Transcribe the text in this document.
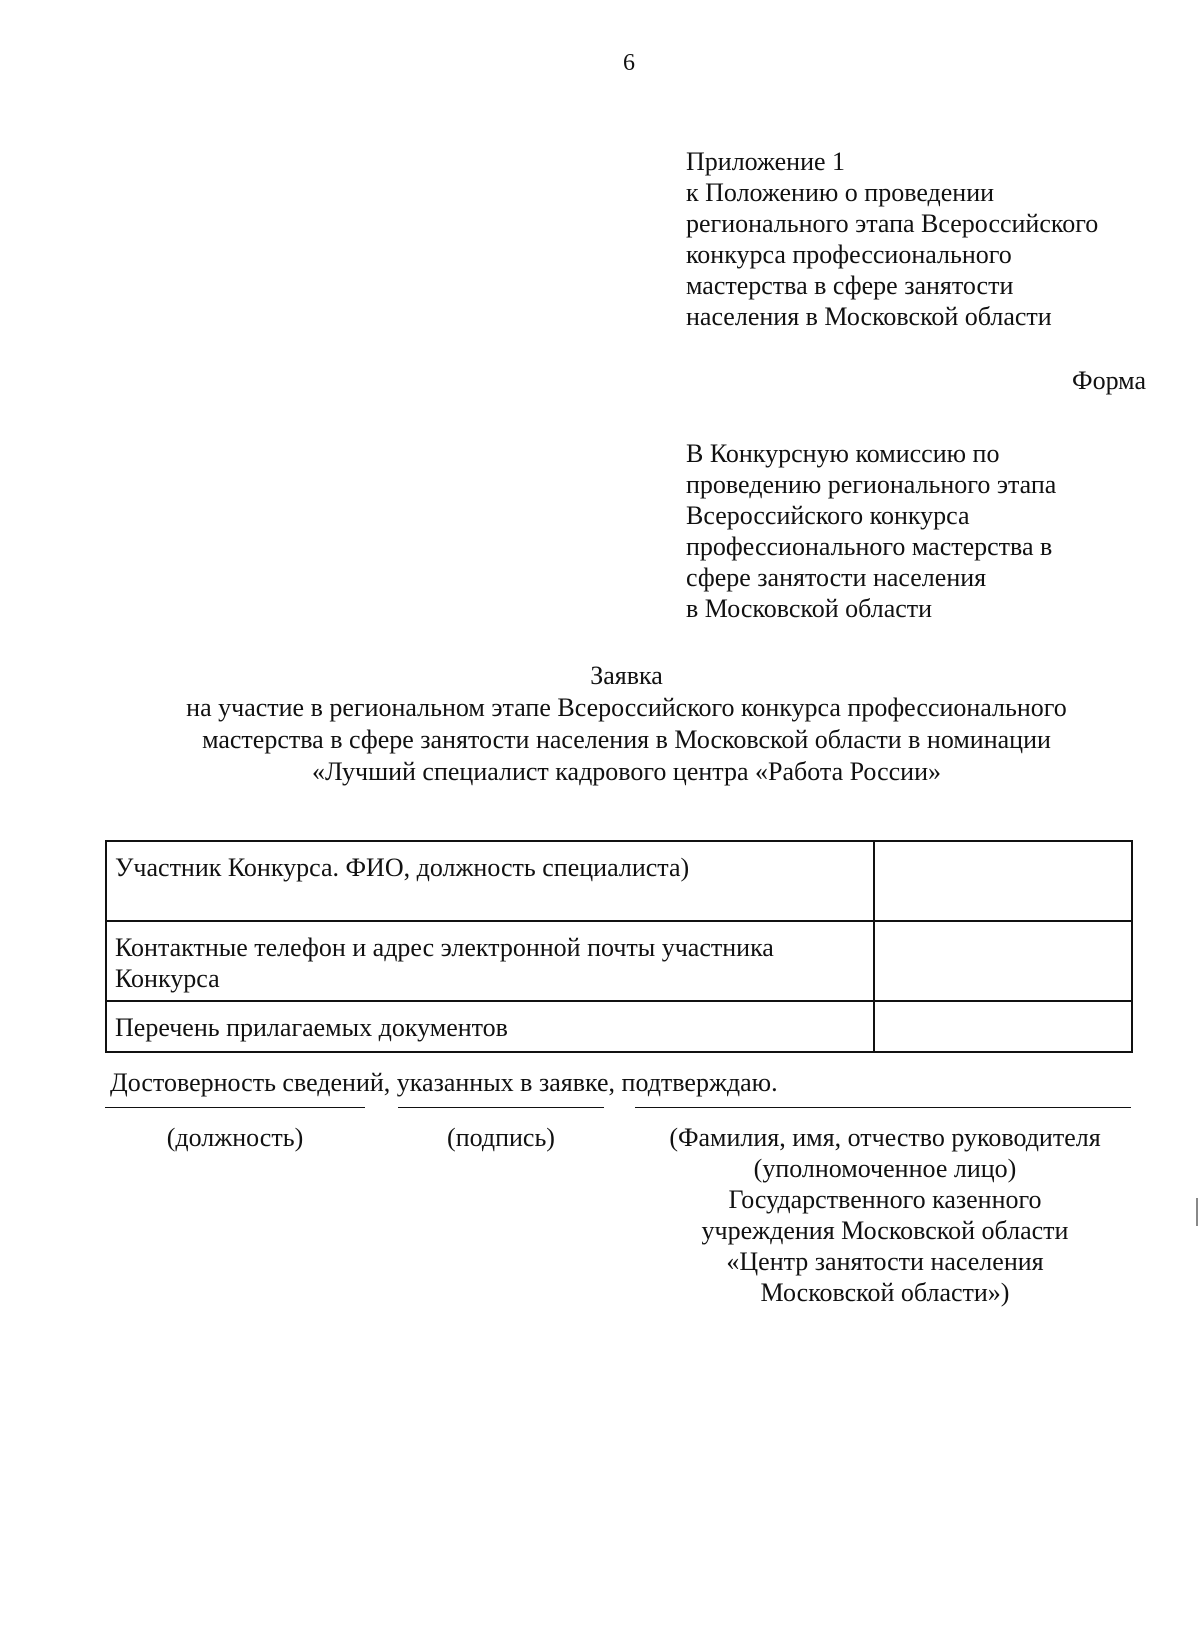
6
Приложение 1
к Положению о проведении
регионального этапа Всероссийского
конкурса профессионального
мастерства в сфере занятости
населения в Московской области
Форма
В Конкурсную комиссию по
проведению регионального этапа
Всероссийского конкурса
профессионального мастерства в
сфере занятости населения
в Московской области
Заявка
на участие в региональном этапе Всероссийского конкурса профессионального
мастерства в сфере занятости населения в Московской области в номинации
«Лучший специалист кадрового центра «Работа России»
Участник Конкурса. ФИО, должность специалиста)	
Контактные телефон и адрес электронной почты участника Конкурса	
Перечень прилагаемых документов	
Достоверность сведений, указанных в заявке, подтверждаю.
(должность)	(подпись)	(Фамилия, имя, отчество руководителя
(уполномоченное лицо)
Государственного казенного
учреждения Московской области
«Центр занятости населения
Московской области»)
